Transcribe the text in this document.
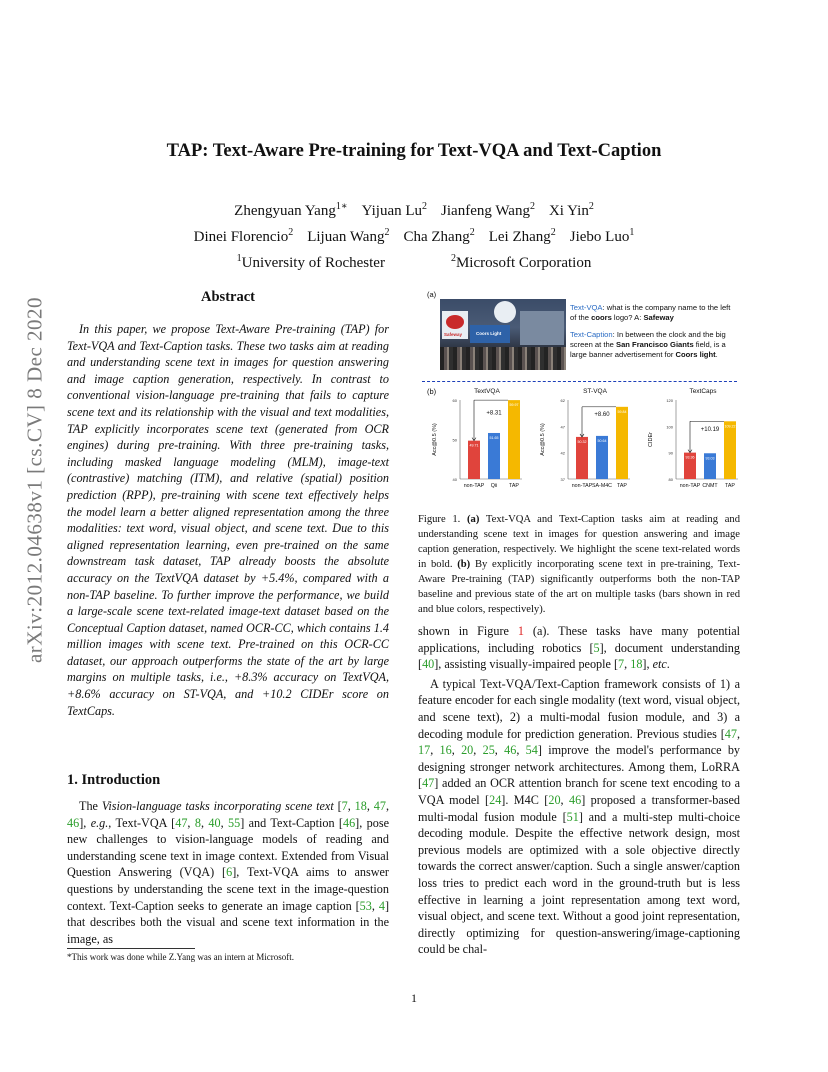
TAP: Text-Aware Pre-training for Text-VQA and Text-Caption
Zhengyuan Yang$^{1∗}$ Yijuan Lu$^2$ Jianfeng Wang$^2$ Xi Yin$^2$
Dinei Florencio$^2$ Lijuan Wang$^2$ Cha Zhang$^2$ Lei Zhang$^2$ Jiebo Luo$^1$
$^1$University of Rochester	$^2$Microsoft Corporation
arXiv:2012.04638v1 [cs.CV] 8 Dec 2020	Abstract
In this paper, we propose Text-Aware Pre-training (TAP) for Text-VQA and Text-Caption tasks. These two tasks aim at reading and understanding scene text in images for question answering and image caption generation, respectively. In contrast to conventional vision-language pre-training that fails to capture scene text and its relationship with the visual and text modalities, TAP explicitly incorporates scene text (generated from OCR engines) during pre-training. With three pre-training tasks, including masked language modeling (MLM), image-text (contrastive) matching (ITM), and relative (spatial) position prediction (RPP), pre-training with scene text effectively helps the model learn a better aligned representation among the three modalities: text word, visual object, and scene text. Due to this aligned representation learning, even pre-trained on the same downstream task dataset, TAP already boosts the absolute accuracy on the TextVQA dataset by +5.4%, compared with a non-TAP baseline. To further improve the performance, we build a large-scale scene text-related image-text dataset based on the Conceptual Caption dataset, named OCR-CC, which contains 1.4 million images with scene text. Pre-trained on this OCR-CC dataset, our approach outperforms the state of the art by large margins on multiple tasks, i.e., +8.3% accuracy on TextVQA, +8.6% accuracy on ST-VQA, and +10.2 CIDEr score on TextCaps.
1. Introduction
The Vision-language tasks incorporating scene text [7, 18, 47, 46], e.g., Text-VQA [47, 8, 40, 55] and Text-Caption [46], pose new challenges to vision-language models of reading and understanding scene text in image context. Extended from Visual Question Answering (VQA) [6], Text-VQA aims to answer questions by understanding the scene text in the image-question context. Text-Caption seeks to generate an image caption [53, 4] that describes both the visual and scene text information in the image, as
*This work was done while Z.Yang was an intern at Microsoft.
(a)
Safeway	Coors Light
Text-VQA: what is the company name to the left of the coors logo? A: Safeway
Text-Caption: In between the clock and the big screen at the San Francisco Giants field, is a large banner advertisement for Coors light.
(b)	TextVQA
Acc@0.5 (%)
60
50
40
49.71
non-TAP
51.65
Qii
59.97
TAP
+8.31
ST-VQA
Acc@0.5 (%)
62
47
42
37
50.32
non-TAP
50.64
SA-M4C
59.84
TAP
+8.60
TextCaps
CIDEr
120
100
90
80
93.36
non-TAP
93.03
CNMT
109.22
TAP
+10.19
Figure 1. (a) Text-VQA and Text-Caption tasks aim at reading and understanding scene text in images for question answering and image caption generation, respectively. We highlight the scene text-related words in bold. (b) By explicitly incorporating scene text in pre-training, Text-Aware Pre-training (TAP) significantly outperforms both the non-TAP baseline and previous state of the art on multiple tasks (bars shown in red and blue colors, respectively).

shown in Figure 1 (a). These tasks have many potential applications, including robotics [5], document understanding [40], assisting visually-impaired people [7, 18], etc.

A typical Text-VQA/Text-Caption framework consists of 1) a feature encoder for each single modality (text word, visual object, and scene text), 2) a multi-modal fusion module, and 3) a decoding module for prediction generation. Previous studies [47, 17, 16, 20, 25, 46, 54] improve the model's performance by designing stronger network architectures. Among them, LoRRA [47] added an OCR attention branch for scene text encoding to a VQA model [24]. M4C [20, 46] proposed a transformer-based multi-modal fusion module [51] and a multi-step multi-choice decoding module. Despite the effective network design, most previous models are optimized with a sole objective directly towards the correct answer/caption. Such a single answer/caption loss tries to predict each word in the ground-truth but is less effective in learning a joint representation among text word, visual object, and scene text. Without a good joint representation, directly optimizing for question-answering/image-captioning could be chal-

1
